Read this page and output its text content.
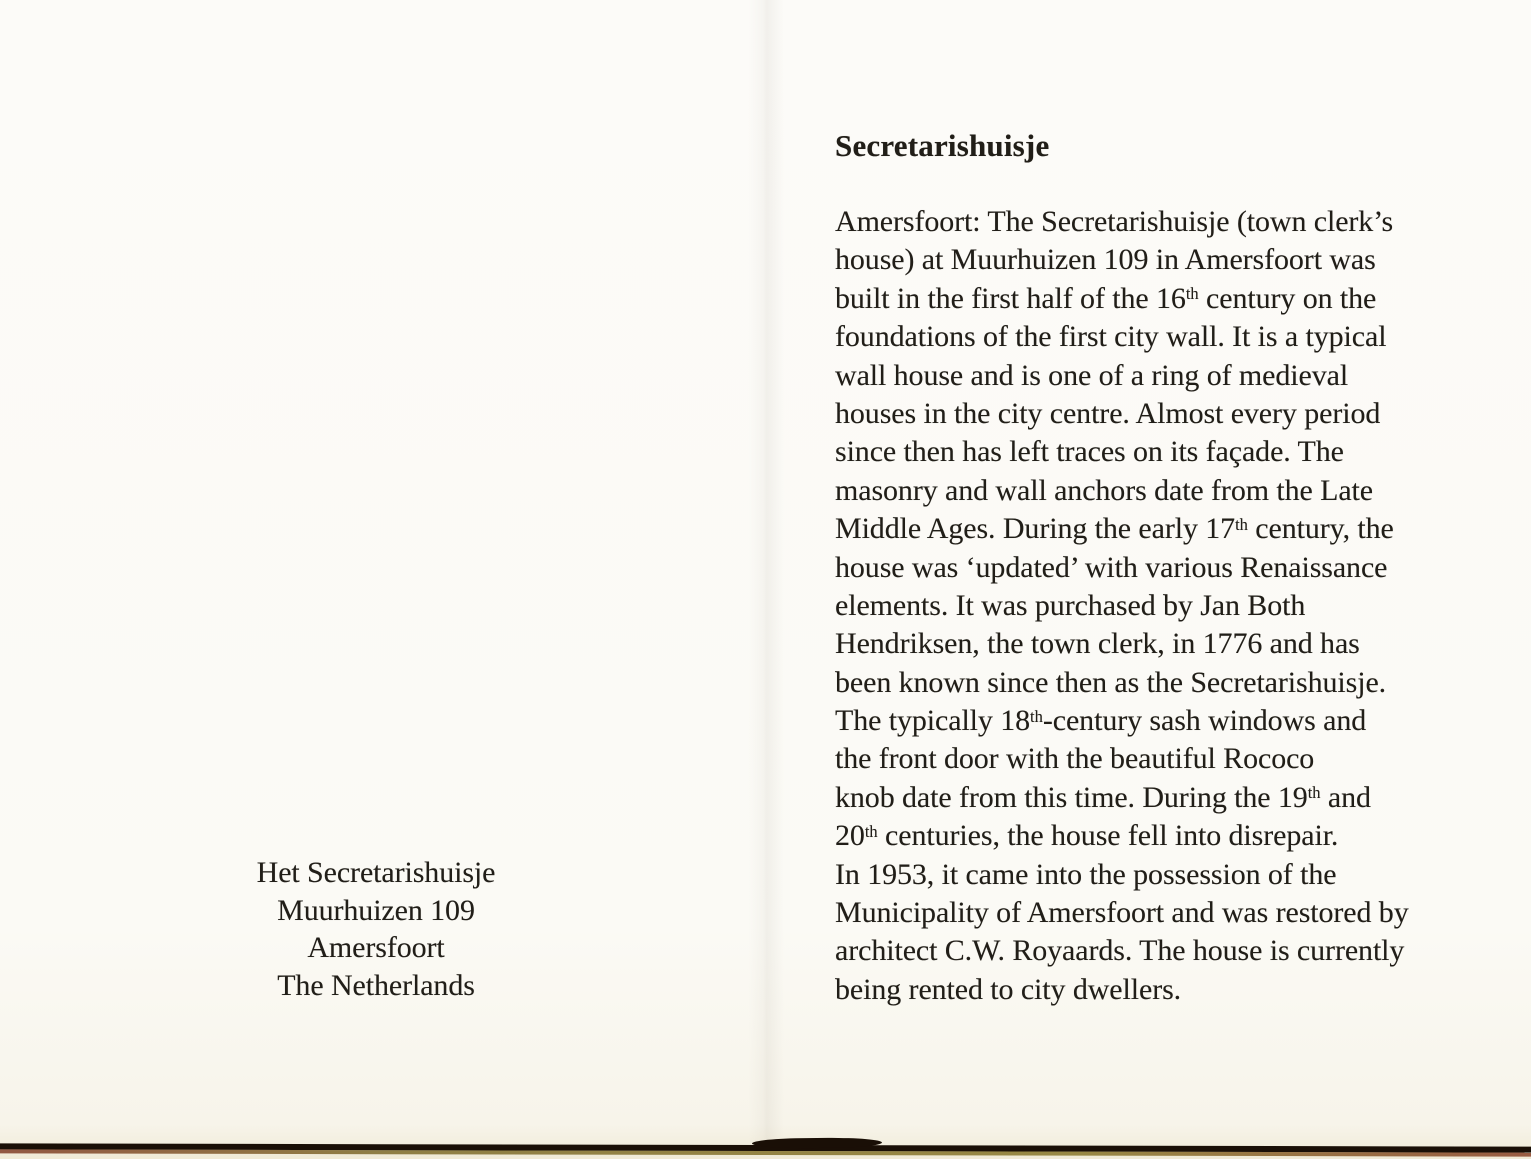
Het Secretarishuisje
Muurhuizen 109
Amersfoort
The Netherlands
Secretarishuisje
Amersfoort: The Secretarishuisje (town clerk’s
house) at Muurhuizen 109 in Amersfoort was
built in the first half of the 16th century on the
foundations of the first city wall. It is a typical
wall house and is one of a ring of medieval
houses in the city centre. Almost every period
since then has left traces on its façade. The
masonry and wall anchors date from the Late
Middle Ages. During the early 17th century, the
house was ‘updated’ with various Renaissance
elements. It was purchased by Jan Both
Hendriksen, the town clerk, in 1776 and has
been known since then as the Secretarishuisje.
The typically 18th-century sash windows and
the front door with the beautiful Rococo
knob date from this time. During the 19th and
20th centuries, the house fell into disrepair.
In 1953, it came into the possession of the
Municipality of Amersfoort and was restored by
architect C.W. Royaards. The house is currently
being rented to city dwellers.
